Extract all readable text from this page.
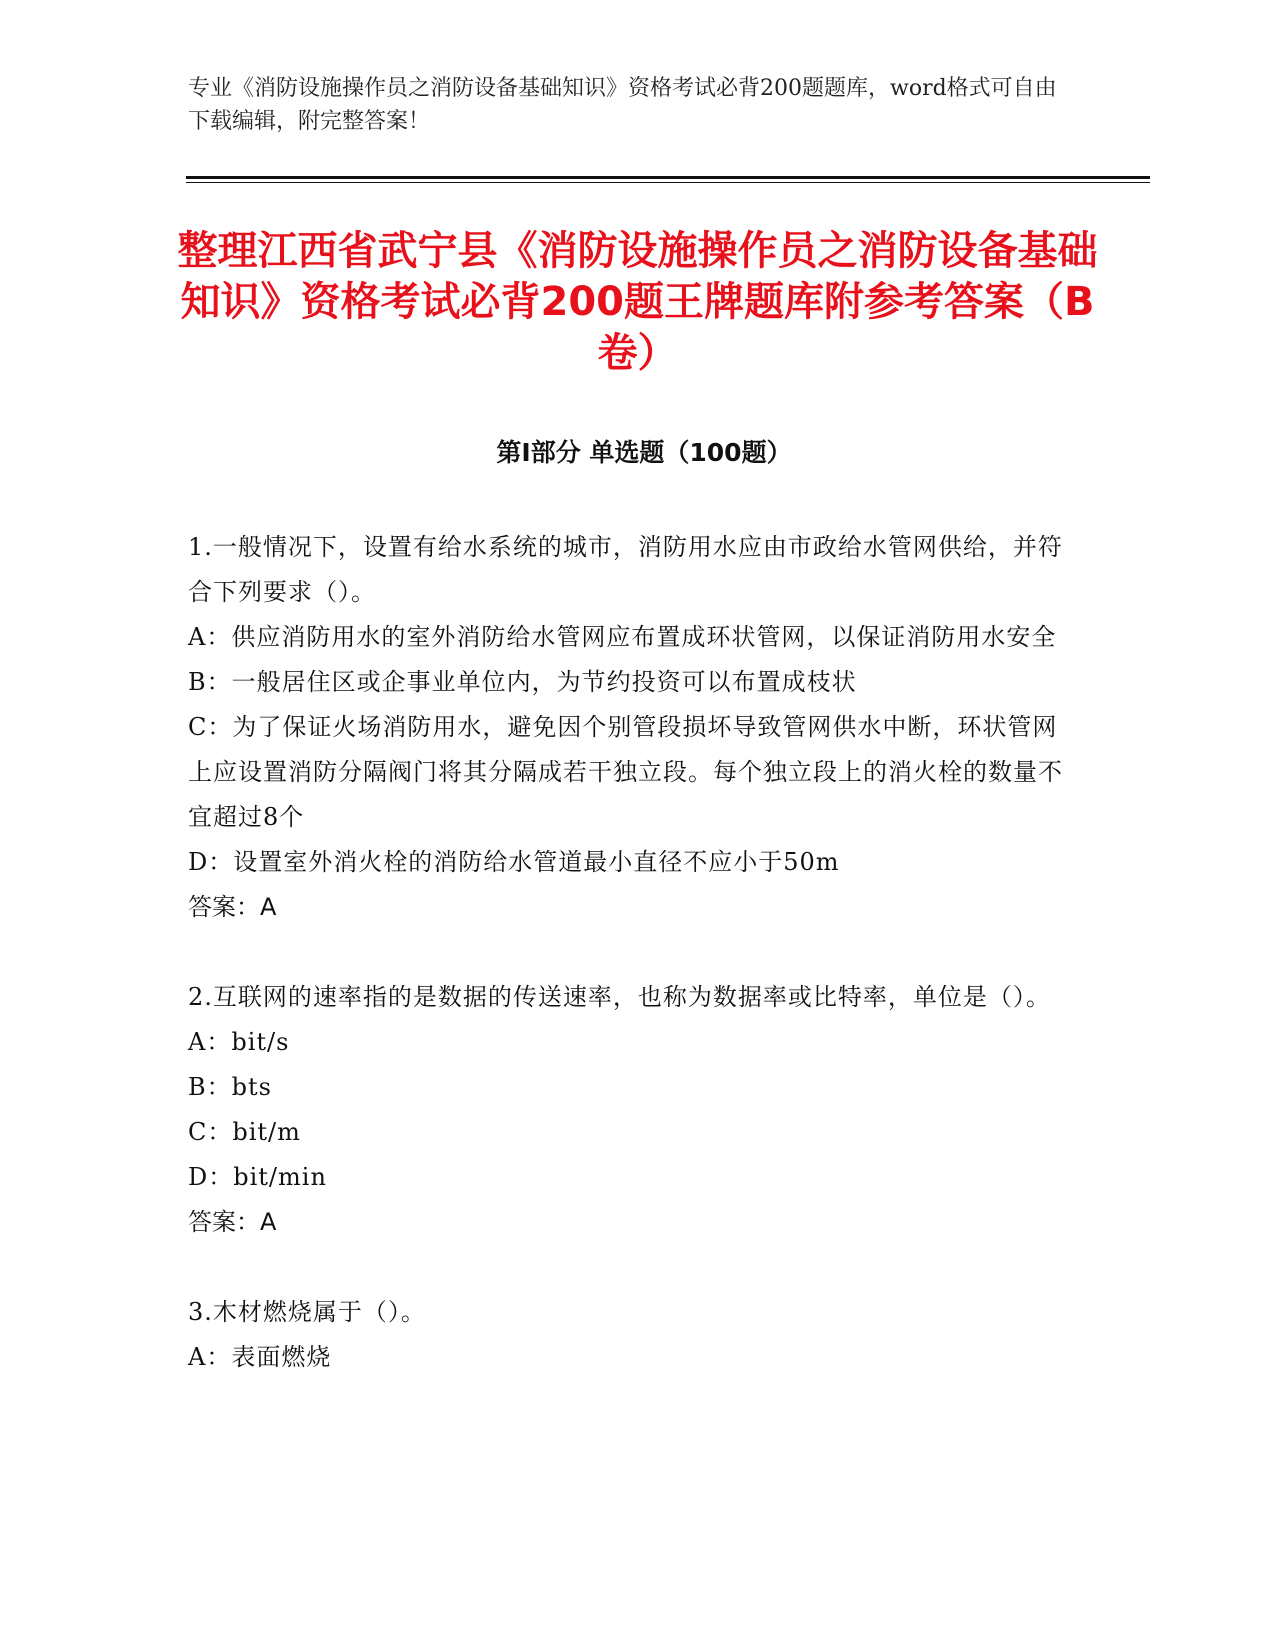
专业《消防设施操作员之消防设备基础知识》资格考试必背200题题库，word格式可自由下载编辑，附完整答案！
整理江西省武宁县《消防设施操作员之消防设备基础知识》资格考试必背200题王牌题库附参考答案（B卷）
第Ⅰ部分 单选题（100题）
1.一般情况下，设置有给水系统的城市，消防用水应由市政给水管网供给，并符合下列要求（）。
A：供应消防用水的室外消防给水管网应布置成环状管网，以保证消防用水安全
B：一般居住区或企事业单位内，为节约投资可以布置成枝状
C：为了保证火场消防用水，避免因个别管段损坏导致管网供水中断，环状管网上应设置消防分隔阀门将其分隔成若干独立段。每个独立段上的消火栓的数量不宜超过8个
D：设置室外消火栓的消防给水管道最小直径不应小于50m
答案：A
2.互联网的速率指的是数据的传送速率，也称为数据率或比特率，单位是（）。
A：bit/s
B：bts
C：bit/m
D：bit/min
答案：A
3.木材燃烧属于（）。
A：表面燃烧
